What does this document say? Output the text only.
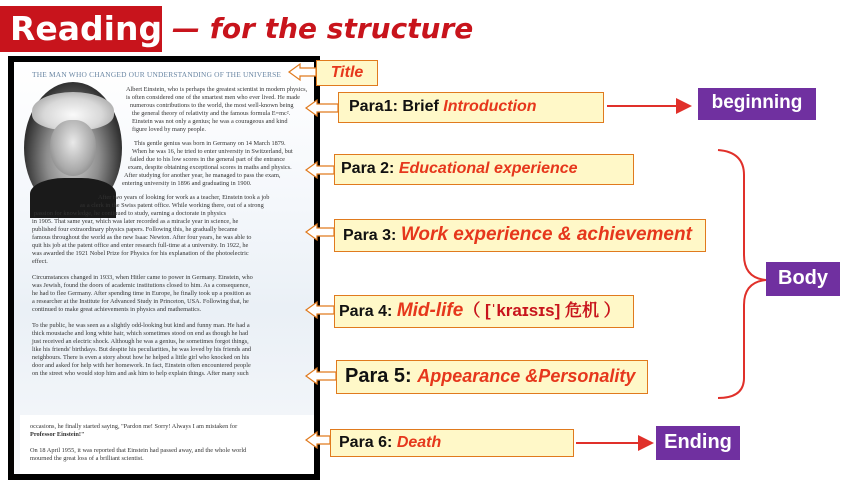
Reading — for the structure
THE MAN WHO CHANGED OUR UNDERSTANDING OF THE UNIVERSE
Albert Einstein, who is perhaps the greatest scientist in modern physics,
is often considered one of the smartest men who ever lived. He made
numerous contributions to the world, the most well-known being
the general theory of relativity and the famous formula E=mc².
Einstein was not only a genius; he was a courageous and kind
figure loved by many people.
This gentle genius was born in Germany on 14 March 1879.
When he was 16, he tried to enter university in Switzerland, but
failed due to his low scores in the general part of the entrance
exam, despite obtaining exceptional scores in maths and physics.
After studying for another year, he managed to pass the exam,
entering university in 1896 and graduating in 1900.
After two years of looking for work as a teacher, Einstein took a job
as a clerk in the Swiss patent office. While working there, out of a strong
passion for knowledge, he continued to study, earning a doctorate in physics
in 1905. That same year, which was later recorded as a miracle year in science, he
published four extraordinary physics papers. Following this, he gradually became
famous throughout the world as the new Isaac Newton. After four years, he was able to
quit his job at the patent office and enter research full-time at a university. In 1922, he
was awarded the 1921 Nobel Prize for Physics for his explanation of the photoelectric
effect.
Circumstances changed in 1933, when Hitler came to power in Germany. Einstein, who
was Jewish, found the doors of academic institutions closed to him. As a consequence,
he had to flee Germany. After spending time in Europe, he finally took up a position as
a researcher at the Institute for Advanced Study in Princeton, USA. Following that, he
continued to make great achievements in physics and mathematics.
To the public, he was seen as a slightly odd-looking but kind and funny man. He had a
thick moustache and long white hair, which sometimes stood on end as though he had
just received an electric shock. Although he was a genius, he sometimes forgot things,
like his friends' birthdays. But despite his peculiarities, he was loved by his friends and
neighbours. There is even a story about how he helped a little girl who knocked on his
door and asked for help with her homework. In fact, Einstein often encountered people
on the street who would stop him and ask him to help explain things. After many such
occasions, he finally started saying, "Pardon me! Sorry! Always I am mistaken for
Professor Einstein!"
On 18 April 1955, it was reported that Einstein had passed away, and the whole world
mourned the great loss of a brilliant scientist.
Title
Para1: Brief Introduction
Para 2: Educational experience
Para 3: Work experience & achievement
Para 4: Mid-life（ [ˈkraɪsɪs] 危机 ）
Para 5: Appearance &Personality
Para 6: Death
beginning
Body
Ending
